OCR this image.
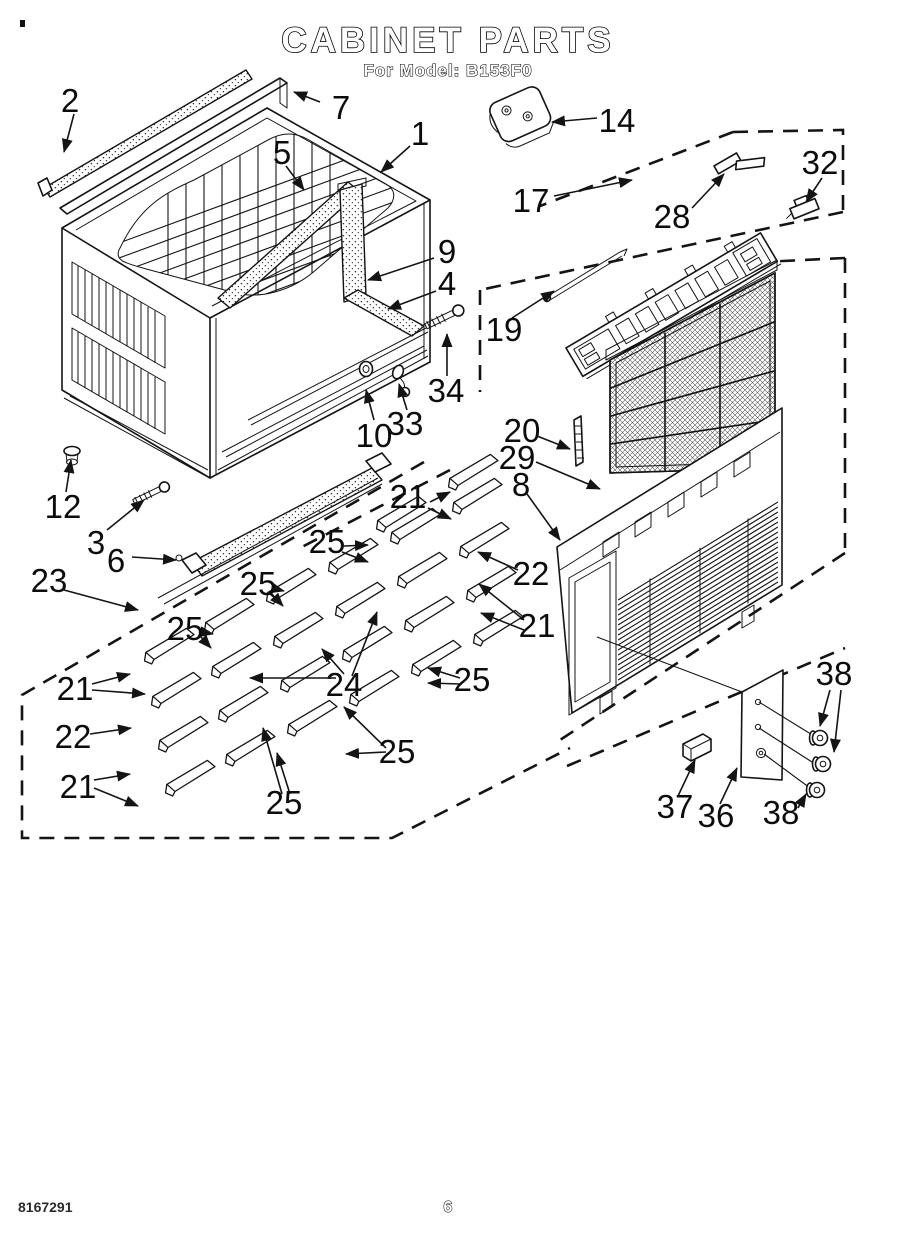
CABINET PARTS
For Model: B153F0
2	7
1
5
14
17
32
28
9
4
19
34
33
10	20
29
8
12
3 6
23
21
25
22
25
25	21
21	24	25
22	25
21	25	37 36
38
38
8167291	6
